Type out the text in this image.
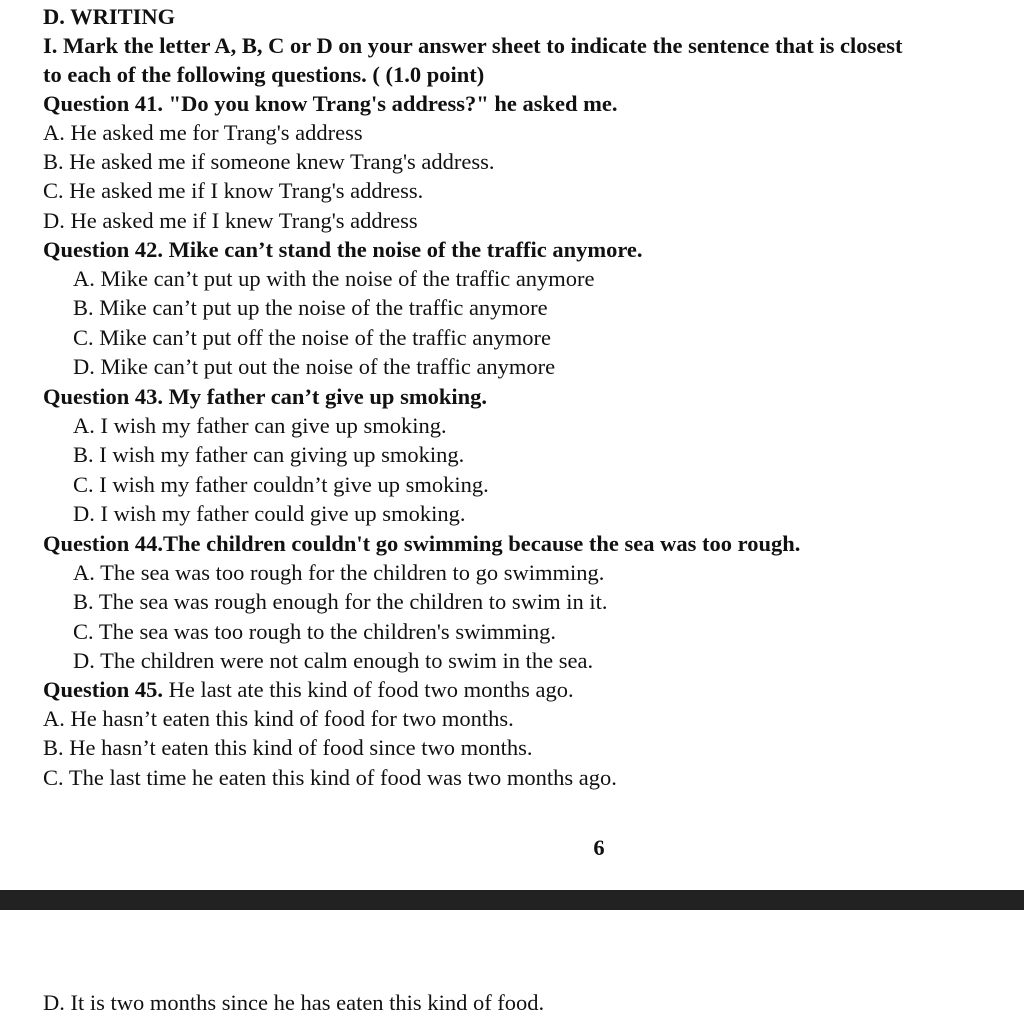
D. WRITING
I. Mark the letter A, B, C or D on your answer sheet to indicate the sentence that is closest
to each of the following questions. ( (1.0 point)
Question 41. "Do you know Trang's address?" he asked me.
A. He asked me for Trang's address
B. He asked me if someone knew Trang's address.
C. He asked me if I know Trang's address.
D. He asked me if I knew Trang's address
Question 42. Mike can’t stand the noise of the traffic anymore.
A. Mike can’t put up with the noise of the traffic anymore
B. Mike can’t put up the noise of the traffic anymore
C. Mike can’t put off the noise of the traffic anymore
D. Mike can’t put out the noise of the traffic anymore
Question 43. My father can’t give up smoking.
A. I wish my father can give up smoking.
B. I wish my father can giving up smoking.
C. I wish my father couldn’t give up smoking.
D. I wish my father could give up smoking.
Question 44.The children couldn't go swimming because the sea was too rough.
A. The sea was too rough for the children to go swimming.
B. The sea was rough enough for the children to swim in it.
C. The sea was too rough to the children's swimming.
D. The children were not calm enough to swim in the sea.
Question 45. He last ate this kind of food two months ago.
A. He hasn’t eaten this kind of food for two months.
B. He hasn’t eaten this kind of food since two months.
C. The last time he eaten this kind of food was two months ago.
6
D. It is two months since he has eaten this kind of food.
